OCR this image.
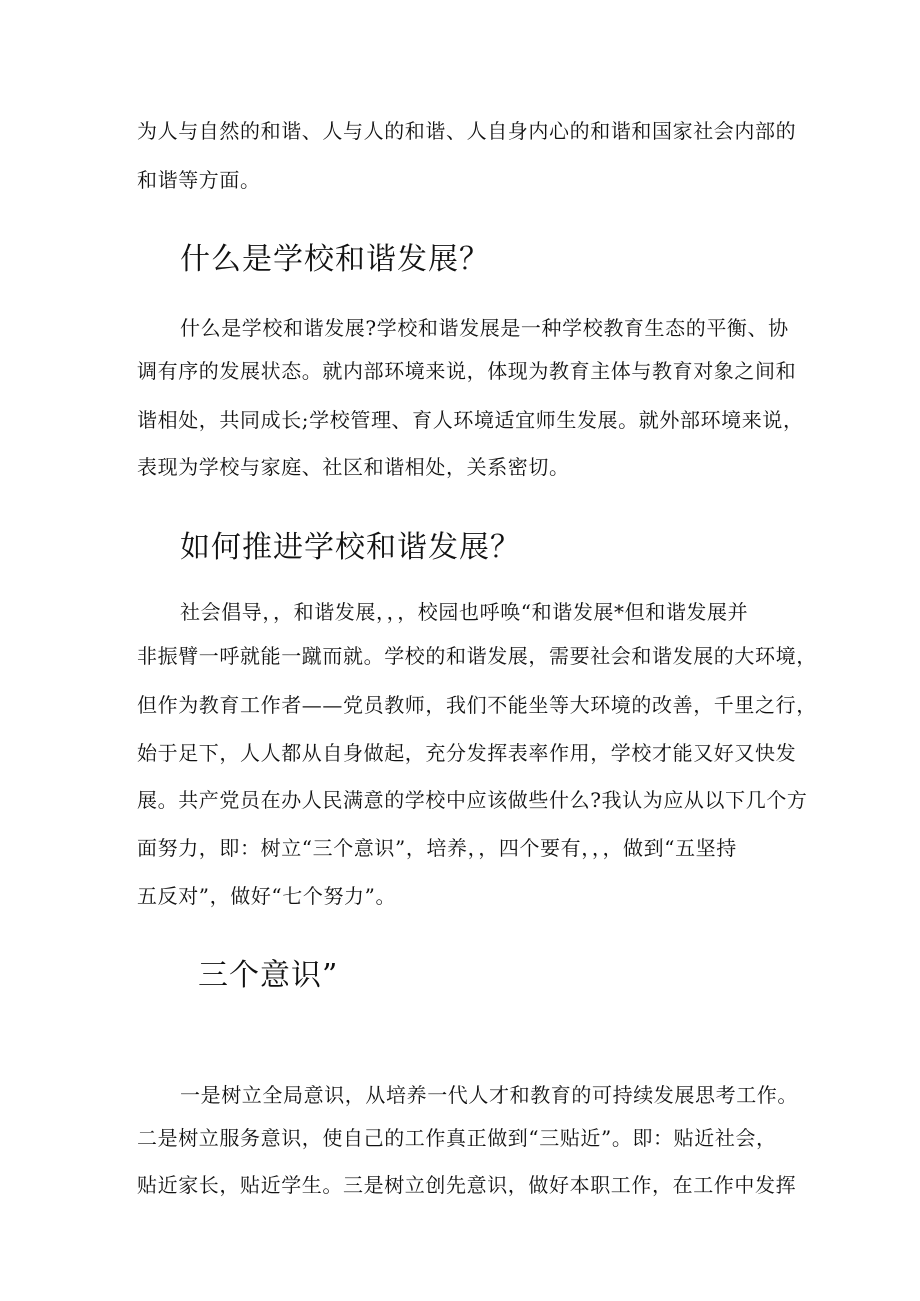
为人与自然的和谐、人与人的和谐、人自身内心的和谐和国家社会内部的
和谐等方面。
什么是学校和谐发展？
什么是学校和谐发展?学校和谐发展是一种学校教育生态的平衡、协
调有序的发展状态。就内部环境来说，体现为教育主体与教育对象之间和
谐相处，共同成长;学校管理、育人环境适宜师生发展。就外部环境来说，
表现为学校与家庭、社区和谐相处，关系密切。
如何推进学校和谐发展？
社会倡导，，和谐发展，，，校园也呼唤“和谐发展*但和谐发展并
非振臂一呼就能一蹴而就。学校的和谐发展，需要社会和谐发展的大环境，
但作为教育工作者——党员教师，我们不能坐等大环境的改善，千里之行，
始于足下，人人都从自身做起，充分发挥表率作用，学校才能又好又快发
展。共产党员在办人民满意的学校中应该做些什么?我认为应从以下几个方
面努力，即：树立“三个意识”，培养，，四个要有，，，做到“五坚持
五反对”，做好“七个努力”。
三个意识”
一是树立全局意识，从培养一代人才和教育的可持续发展思考工作。
二是树立服务意识，使自己的工作真正做到“三贴近”。即：贴近社会，
贴近家长，贴近学生。三是树立创先意识，做好本职工作，在工作中发挥
